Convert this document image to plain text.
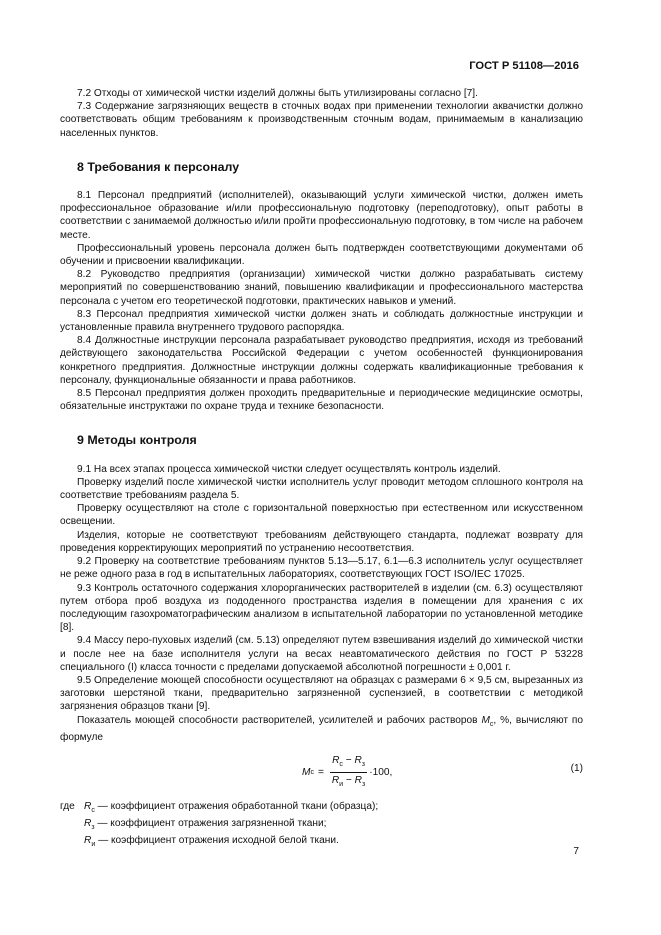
ГОСТ Р 51108—2016

7.2 Отходы от химической чистки изделий должны быть утилизированы согласно [7].

7.3 Содержание загрязняющих веществ в сточных водах при применении технологии аквачистки должно соответствовать общим требованиям к производственным сточным водам, принимаемым в канализацию населенных пунктов.

8 Требования к персоналу

8.1 Персонал предприятий (исполнителей), оказывающий услуги химической чистки, должен иметь профессиональное образование и/или профессиональную подготовку (переподготовку), опыт работы в соответствии с занимаемой должностью и/или пройти профессиональную подготовку, в том числе на рабочем месте.

Профессиональный уровень персонала должен быть подтвержден соответствующими документами об обучении и присвоении квалификации.

8.2 Руководство предприятия (организации) химической чистки должно разрабатывать систему мероприятий по совершенствованию знаний, повышению квалификации и профессионального мастерства персонала с учетом его теоретической подготовки, практических навыков и умений.

8.3 Персонал предприятия химической чистки должен знать и соблюдать должностные инструкции и установленные правила внутреннего трудового распорядка.

8.4 Должностные инструкции персонала разрабатывает руководство предприятия, исходя из требований действующего законодательства Российской Федерации с учетом особенностей функционирования конкретного предприятия. Должностные инструкции должны содержать квалификационные требования к персоналу, функциональные обязанности и права работников.

8.5 Персонал предприятия должен проходить предварительные и периодические медицинские осмотры, обязательные инструктажи по охране труда и технике безопасности.

9 Методы контроля

9.1 На всех этапах процесса химической чистки следует осуществлять контроль изделий.

Проверку изделий после химической чистки исполнитель услуг проводит методом сплошного контроля на соответствие требованиям раздела 5.

Проверку осуществляют на столе с горизонтальной поверхностью при естественном или искусственном освещении.

Изделия, которые не соответствуют требованиям действующего стандарта, подлежат возврату для проведения корректирующих мероприятий по устранению несоответствия.

9.2 Проверку на соответствие требованиям пунктов 5.13—5.17, 6.1—6.3 исполнитель услуг осуществляет не реже одного раза в год в испытательных лабораториях, соответствующих ГОСТ ISO/IEC 17025.

9.3 Контроль остаточного содержания хлорорганических растворителей в изделии (см. 6.3) осуществляют путем отбора проб воздуха из пододенного пространства изделия в помещении для хранения с их последующим газохроматографическим анализом в испытательной лаборатории по установленной методике [8].

9.4 Массу перо-пуховых изделий (см. 5.13) определяют путем взвешивания изделий до химической чистки и после нее на базе исполнителя услуги на весах неавтоматического действия по ГОСТ Р 53228 специального (I) класса точности с пределами допускаемой абсолютной погрешности ± 0,001 г.

9.5 Определение моющей способности осуществляют на образцах с размерами 6 × 9,5 см, вырезанных из заготовки шерстяной ткани, предварительно загрязненной суспензией, в соответствии с методикой загрязнения образцов ткани [9].

Показатель моющей способности растворителей, усилителей и рабочих растворов $M_с$, %, вычисляют по формуле

M $с = \frac{R_с - R_з}{R_и - R_з} \cdot 100$,	(1)
где $R_с$ — коэффициент отражения обработанной ткани (образца);
$R_з$ — коэффициент отражения загрязненной ткани;
$R_и$ — коэффициент отражения исходной белой ткани.
7
